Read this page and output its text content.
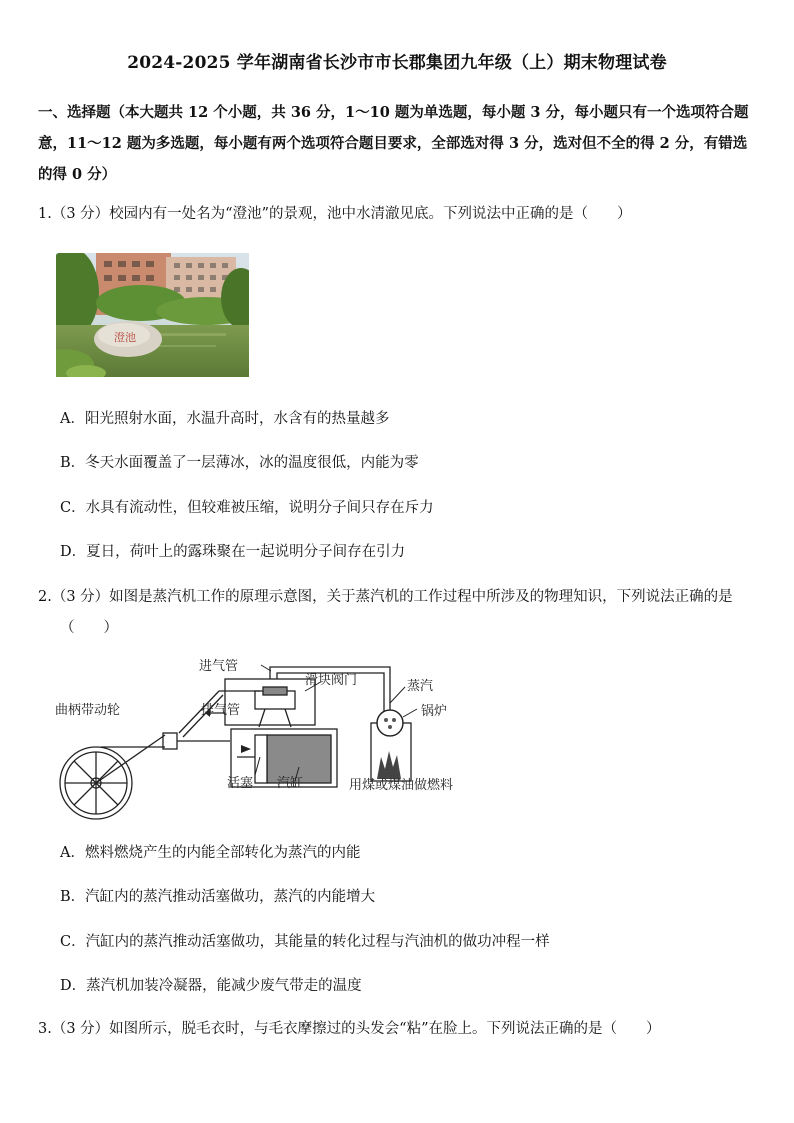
2024-2025 学年湖南省长沙市市长郡集团九年级（上）期末物理试卷
一、选择题（本大题共 12 个小题，共 36 分，1～10 题为单选题，每小题 3 分，每小题只有一个选项符合题意，11～12 题为多选题，每小题有两个选项符合题目要求，全部选对得 3 分，选对但不全的得 2 分，有错选的得 0 分）
1.（3 分）校园内有一处名为“澄池”的景观，池中水清澈见底。下列说法中正确的是（　　）
澄池
A．阳光照射水面，水温升高时，水含有的热量越多
B．冬天水面覆盖了一层薄冰，冰的温度很低，内能为零
C．水具有流动性，但较难被压缩，说明分子间只存在斥力
D．夏日，荷叶上的露珠聚在一起说明分子间存在引力
2.（3 分）如图是蒸汽机工作的原理示意图，关于蒸汽机的工作过程中所涉及的物理知识，下列说法正确的是（　　）
进气管
滑块阀门	蒸汽
曲柄带动轮	排气管	锅炉
活塞 汽缸	用煤或煤油做燃料
A．燃料燃烧产生的内能全部转化为蒸汽的内能
B．汽缸内的蒸汽推动活塞做功，蒸汽的内能增大
C．汽缸内的蒸汽推动活塞做功，其能量的转化过程与汽油机的做功冲程一样
D．蒸汽机加装冷凝器，能减少废气带走的温度
3.（3 分）如图所示，脱毛衣时，与毛衣摩擦过的头发会“粘”在脸上。下列说法正确的是（　　）
